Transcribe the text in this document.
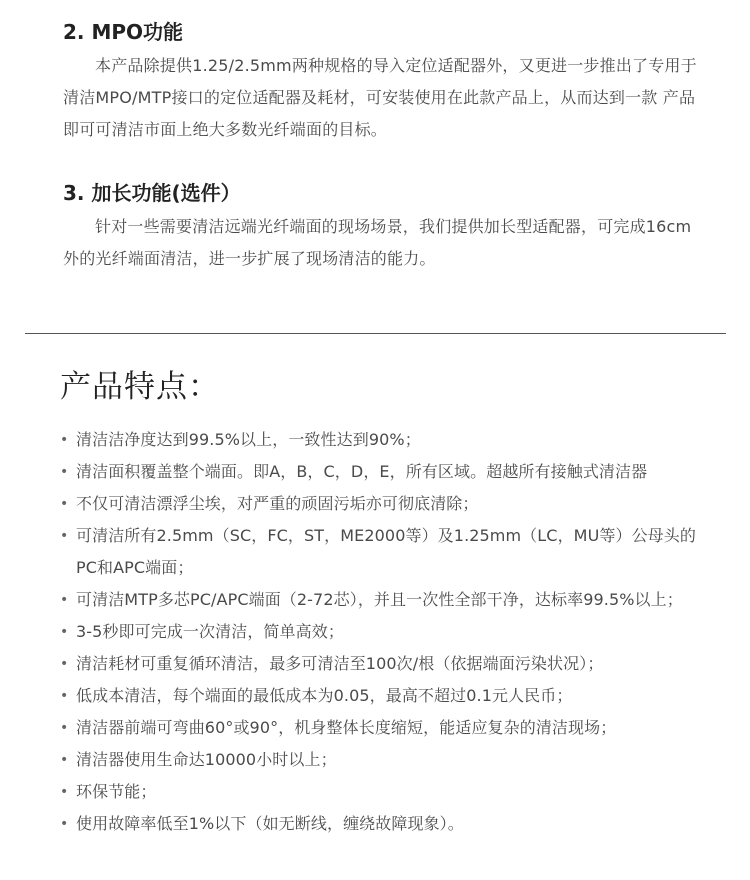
2. MPO功能

本产品除提供1.25/2.5mm两种规格的导入定位适配器外，又更进一步推出了专用于清洁MPO/MTP接口的定位适配器及耗材，可安装使用在此款产品上，从而达到一款 产品即可可清洁市面上绝大多数光纤端面的目标。

3. 加长功能(选件）

针对一些需要清洁远端光纤端面的现场场景，我们提供加长型适配器，可完成16cm外的光纤端面清洁，进一步扩展了现场清洁的能力。

产品特点：
• 清洁洁净度达到99.5%以上，一致性达到90%；
• 清洁面积覆盖整个端面。即A，B，C，D，E，所有区域。超越所有接触式清洁器
• 不仅可清洁漂浮尘埃，对严重的顽固污垢亦可彻底清除；
• 可清洁所有2.5mm（SC，FC，ST，ME2000等）及1.25mm（LC，MU等）公母头的PC和APC端面；
• 可清洁MTP多芯PC/APC端面（2-72芯），并且一次性全部干净，达标率99.5%以上；
• 3-5秒即可完成一次清洁，简单高效；
• 清洁耗材可重复循环清洁，最多可清洁至100次/根（依据端面污染状况）；
• 低成本清洁，每个端面的最低成本为0.05，最高不超过0.1元人民币；
• 清洁器前端可弯曲60°或90°，机身整体长度缩短，能适应复杂的清洁现场；
• 清洁器使用生命达10000小时以上；
• 环保节能；
• 使用故障率低至1%以下（如无断线，缠绕故障现象）。
